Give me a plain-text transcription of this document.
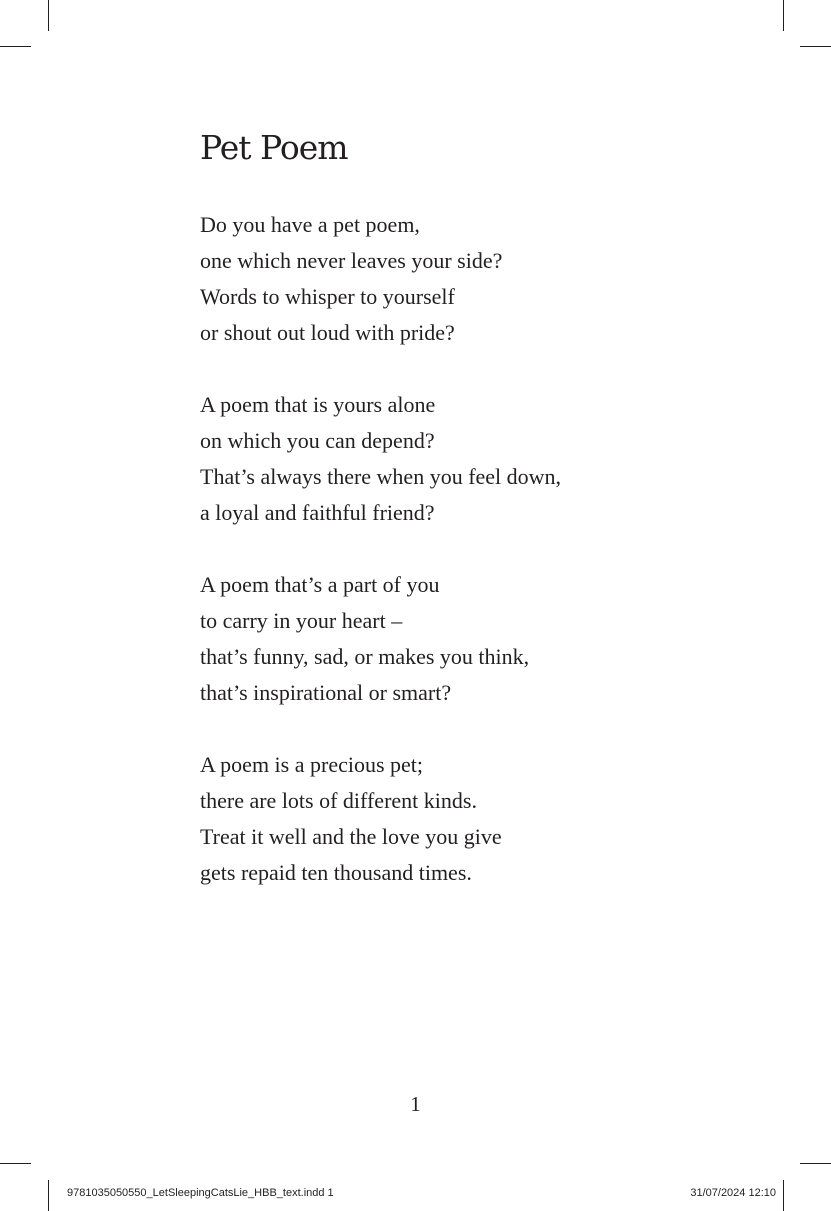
Pet Poem
Do you have a pet poem,
one which never leaves your side?
Words to whisper to yourself
or shout out loud with pride?
A poem that is yours alone
on which you can depend?
That’s always there when you feel down,
a loyal and faithful friend?
A poem that’s a part of you
to carry in your heart –
that’s funny, sad, or makes you think,
that’s inspirational or smart?
A poem is a precious pet;
there are lots of different kinds.
Treat it well and the love you give
gets repaid ten thousand times.
1
9781035050550_LetSleepingCatsLie_HBB_text.indd 1	31/07/2024 12:10
